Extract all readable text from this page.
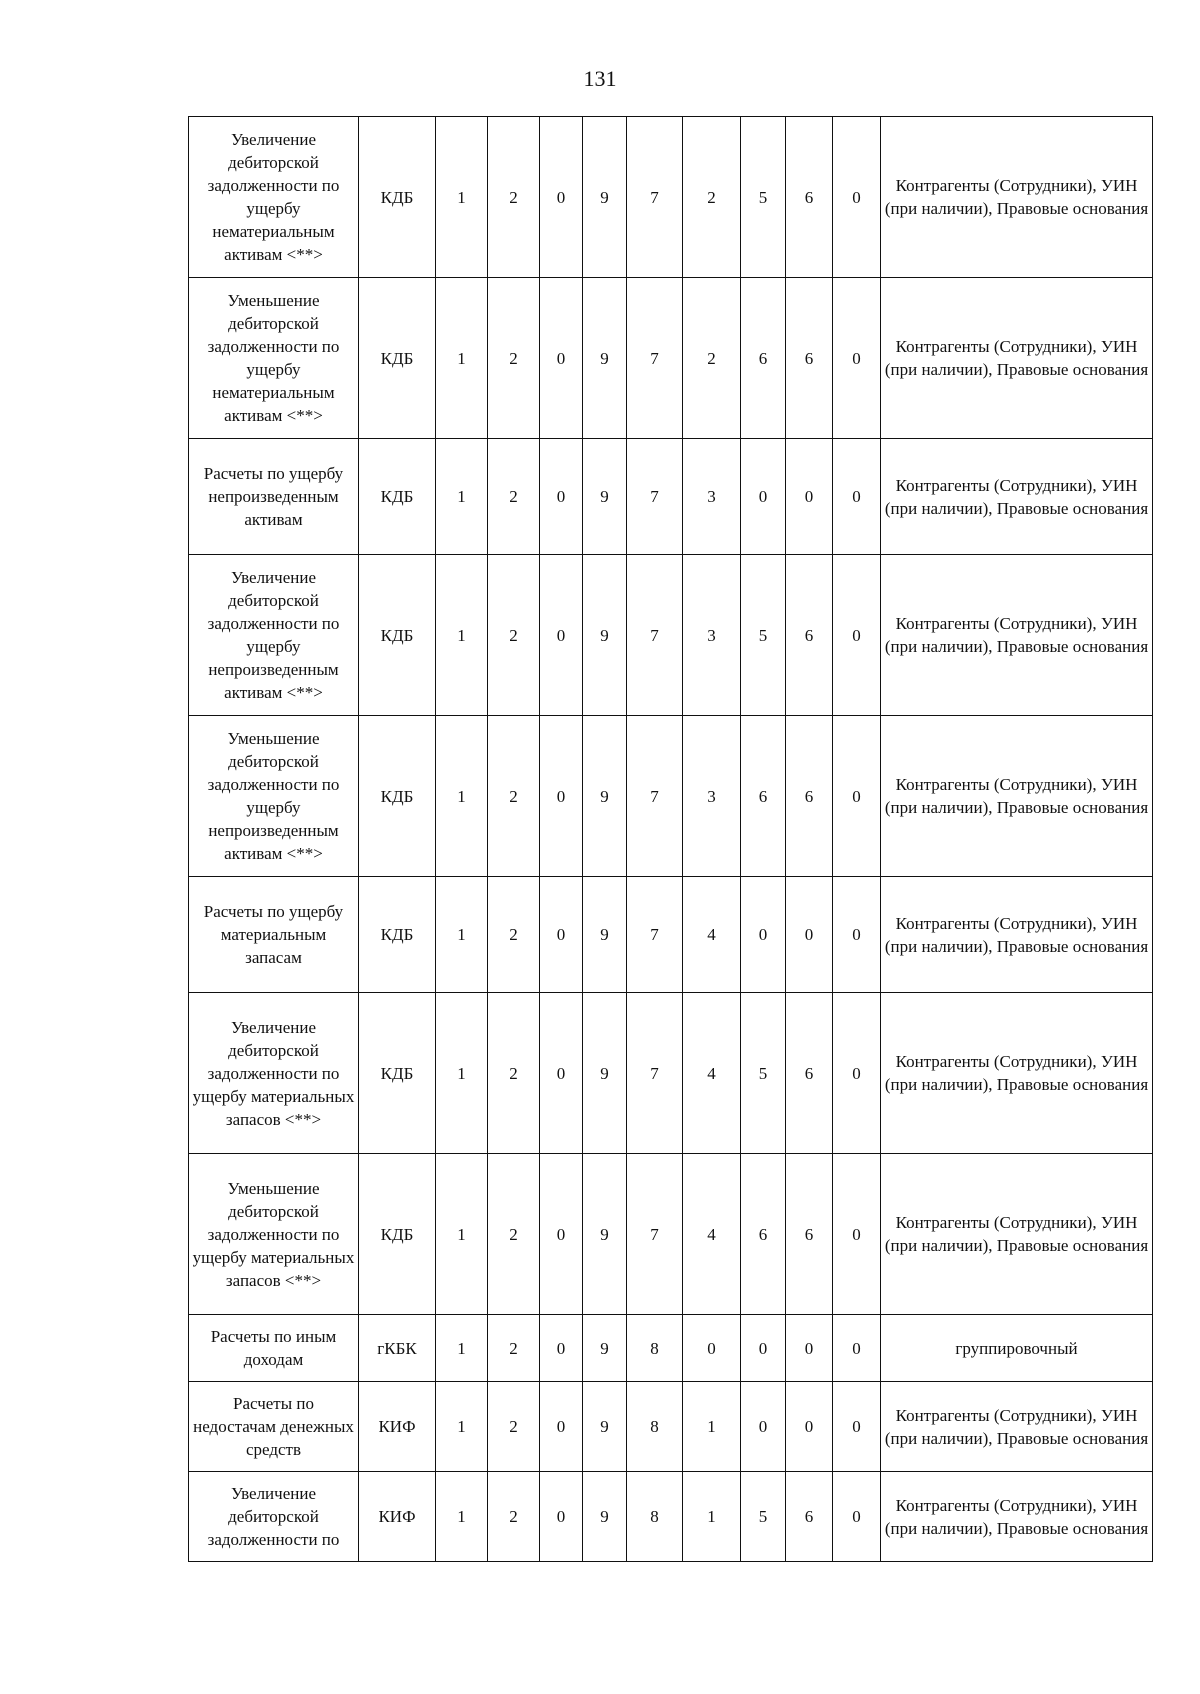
131
Увеличение дебиторской задолженности по ущербу нематериальным активам <**>	КДБ	1	2	0	9	7	2	5	6	0	Контрагенты (Сотрудники), УИН (при наличии), Правовые основания
Уменьшение дебиторской задолженности по ущербу нематериальным активам <**>	КДБ	1	2	0	9	7	2	6	6	0	Контрагенты (Сотрудники), УИН (при наличии), Правовые основания
Расчеты по ущербу непроизведенным активам	КДБ	1	2	0	9	7	3	0	0	0	Контрагенты (Сотрудники), УИН (при наличии), Правовые основания
Увеличение дебиторской задолженности по ущербу непроизведенным активам <**>	КДБ	1	2	0	9	7	3	5	6	0	Контрагенты (Сотрудники), УИН (при наличии), Правовые основания
Уменьшение дебиторской задолженности по ущербу непроизведенным активам <**>	КДБ	1	2	0	9	7	3	6	6	0	Контрагенты (Сотрудники), УИН (при наличии), Правовые основания
Расчеты по ущербу материальным запасам	КДБ	1	2	0	9	7	4	0	0	0	Контрагенты (Сотрудники), УИН (при наличии), Правовые основания
Увеличение дебиторской задолженности по ущербу материальных запасов <**>	КДБ	1	2	0	9	7	4	5	6	0	Контрагенты (Сотрудники), УИН (при наличии), Правовые основания
Уменьшение дебиторской задолженности по ущербу материальных запасов <**>	КДБ	1	2	0	9	7	4	6	6	0	Контрагенты (Сотрудники), УИН (при наличии), Правовые основания
Расчеты по иным доходам	гКБК	1	2	0	9	8	0	0	0	0	группировочный
Расчеты по недостачам денежных средств	КИФ	1	2	0	9	8	1	0	0	0	Контрагенты (Сотрудники), УИН (при наличии), Правовые основания
Увеличение дебиторской задолженности по	КИФ	1	2	0	9	8	1	5	6	0	Контрагенты (Сотрудники), УИН (при наличии), Правовые основания
